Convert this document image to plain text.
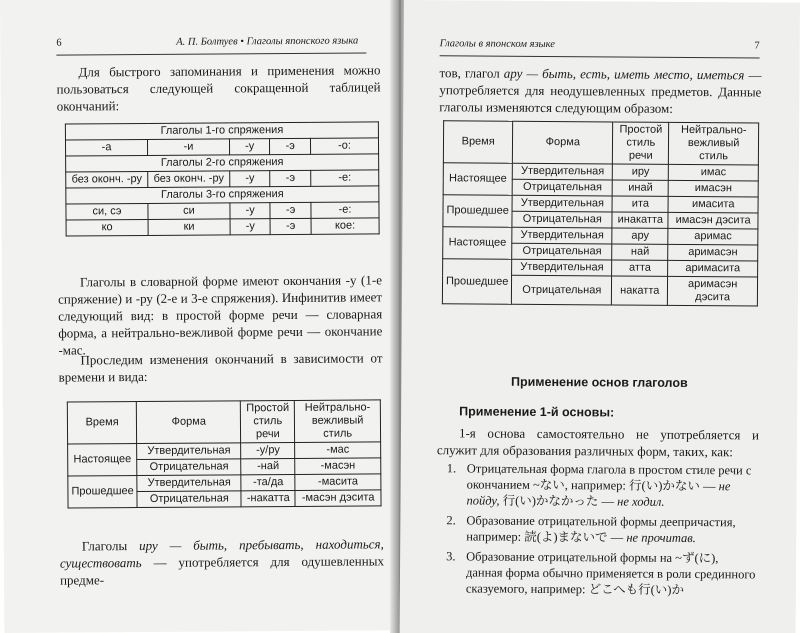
6	А. П. Болтуев • Глаголы японского языка

Для быстрого запоминания и применения можно пользоваться следующей сокращенной таблицей окончаний:

Глаголы 1-го спряжения				
-а	-и	-у	-э	-о:
Глаголы 2-го спряжения				
без оконч. -ру	без оконч. -ру	-у	-э	-е:
Глаголы 3-го спряжения				
си, сэ	си	-у	-э	-е:
ко	ки	-у	-э	кое:

Глаголы в словарной форме имеют окончания -у (1-е спряжение) и -ру (2-е и 3-е спряжения). Инфинитив имеет следующий вид: в простой форме речи — словарная форма, а нейтрально-вежливой форме речи — окончание -мас.

Проследим изменения окончаний в зависимости от времени и вида:

Время	Форма	Простой стиль речи	Нейтрально-вежливый стиль
Настоящее	Утвердительная	-у/ру	-мас
	Отрицательная	-най	-масэн
Прошедшее	Утвердительная	-та/да	-масита
	Отрицательная	-накатта	-масэн дэсита

Глаголы иру — быть, пребывать, находиться, существовать — употребляется для одушевленных предме-

Глаголы в японском языке	7

тов, глагол ару — быть, есть, иметь место, иметься — употребляется для неодушевленных предметов. Данные глаголы изменяются следующим образом:

Время	Форма	Простой стиль речи	Нейтрально-вежливый стиль
Настоящее	Утвердительная	иру	имас
	Отрицательная	инай	имасэн
Прошедшее	Утвердительная	ита	имасита
	Отрицательная	инакатта	имасэн дэсита
Настоящее	Утвердительная	ару	аримас
	Отрицательная	най	аримасэн
Прошедшее	Утвердительная	атта	аримасита
	Отрицательная	накатта	аримасэн дэсита
Применение основ глаголов
Применение 1-й основы:

1-я основа самостоятельно не употребляется и служит для образования различных форм, таких, как:

1. Отрицательная форма глагола в простом стиле речи с окончанием ~ない, например: 行(い)かない — не пойду, 行(い)かなかった — не ходил.
2. Образование отрицательной формы деепричастия, например: 読(よ)まないで — не прочитав.
3. Образование отрицательной формы на ~ず(に), данная форма обычно применяется в роли срединного сказуемого, например: どこへも行(い)か
